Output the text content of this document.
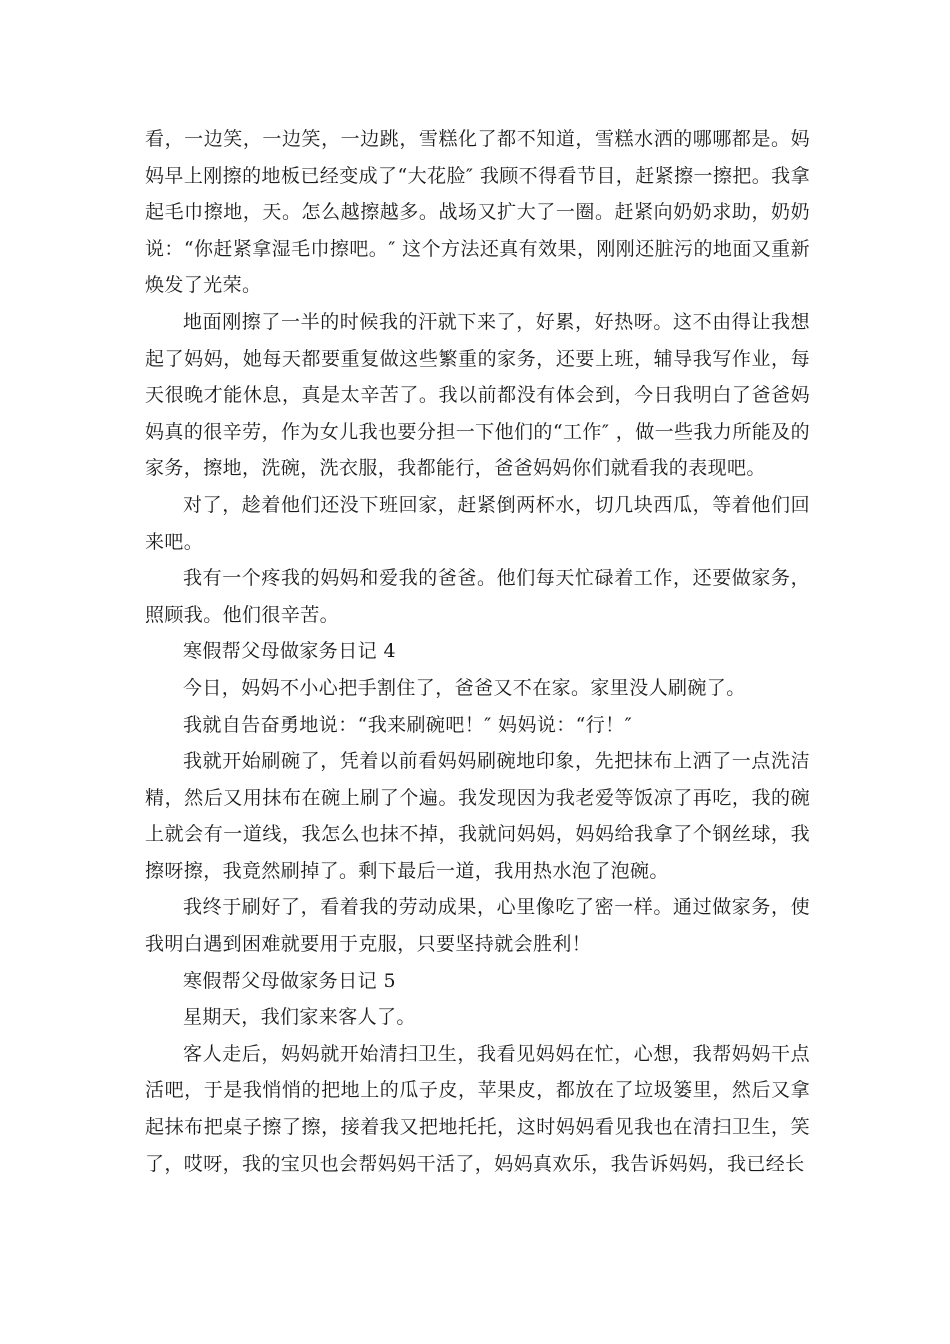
看，一边笑，一边笑，一边跳，雪糕化了都不知道，雪糕水洒的哪哪都是。妈妈早上刚擦的地板已经变成了“大花脸″ 我顾不得看节目，赶紧擦一擦把。我拿起毛巾擦地，天。怎么越擦越多。战场又扩大了一圈。赶紧向奶奶求助，奶奶说：“你赶紧拿湿毛巾擦吧。″ 这个方法还真有效果，刚刚还脏污的地面又重新焕发了光荣。

地面刚擦了一半的时候我的汗就下来了，好累，好热呀。这不由得让我想起了妈妈，她每天都要重复做这些繁重的家务，还要上班，辅导我写作业，每天很晚才能休息，真是太辛苦了。我以前都没有体会到，今日我明白了爸爸妈妈真的很辛劳，作为女儿我也要分担一下他们的“工作″ ，做一些我力所能及的家务，擦地，洗碗，洗衣服，我都能行，爸爸妈妈你们就看我的表现吧。

对了，趁着他们还没下班回家，赶紧倒两杯水，切几块西瓜，等着他们回来吧。

我有一个疼我的妈妈和爱我的爸爸。他们每天忙碌着工作，还要做家务，照顾我。他们很辛苦。

寒假帮父母做家务日记 4

今日，妈妈不小心把手割住了，爸爸又不在家。家里没人刷碗了。

我就自告奋勇地说：“我来刷碗吧！″ 妈妈说：“行！″

我就开始刷碗了，凭着以前看妈妈刷碗地印象，先把抹布上洒了一点洗洁精，然后又用抹布在碗上刷了个遍。我发现因为我老爱等饭凉了再吃，我的碗上就会有一道线，我怎么也抹不掉，我就问妈妈，妈妈给我拿了个钢丝球，我擦呀擦，我竟然刷掉了。剩下最后一道，我用热水泡了泡碗。

我终于刷好了，看着我的劳动成果，心里像吃了密一样。通过做家务，使我明白遇到困难就要用于克服，只要坚持就会胜利！

寒假帮父母做家务日记 5

星期天，我们家来客人了。

客人走后，妈妈就开始清扫卫生，我看见妈妈在忙，心想，我帮妈妈干点活吧，于是我悄悄的把地上的瓜子皮，苹果皮，都放在了垃圾篓里，然后又拿起抹布把桌子擦了擦，接着我又把地托托，这时妈妈看见我也在清扫卫生，笑了，哎呀，我的宝贝也会帮妈妈干活了，妈妈真欢乐，我告诉妈妈，我已经长
